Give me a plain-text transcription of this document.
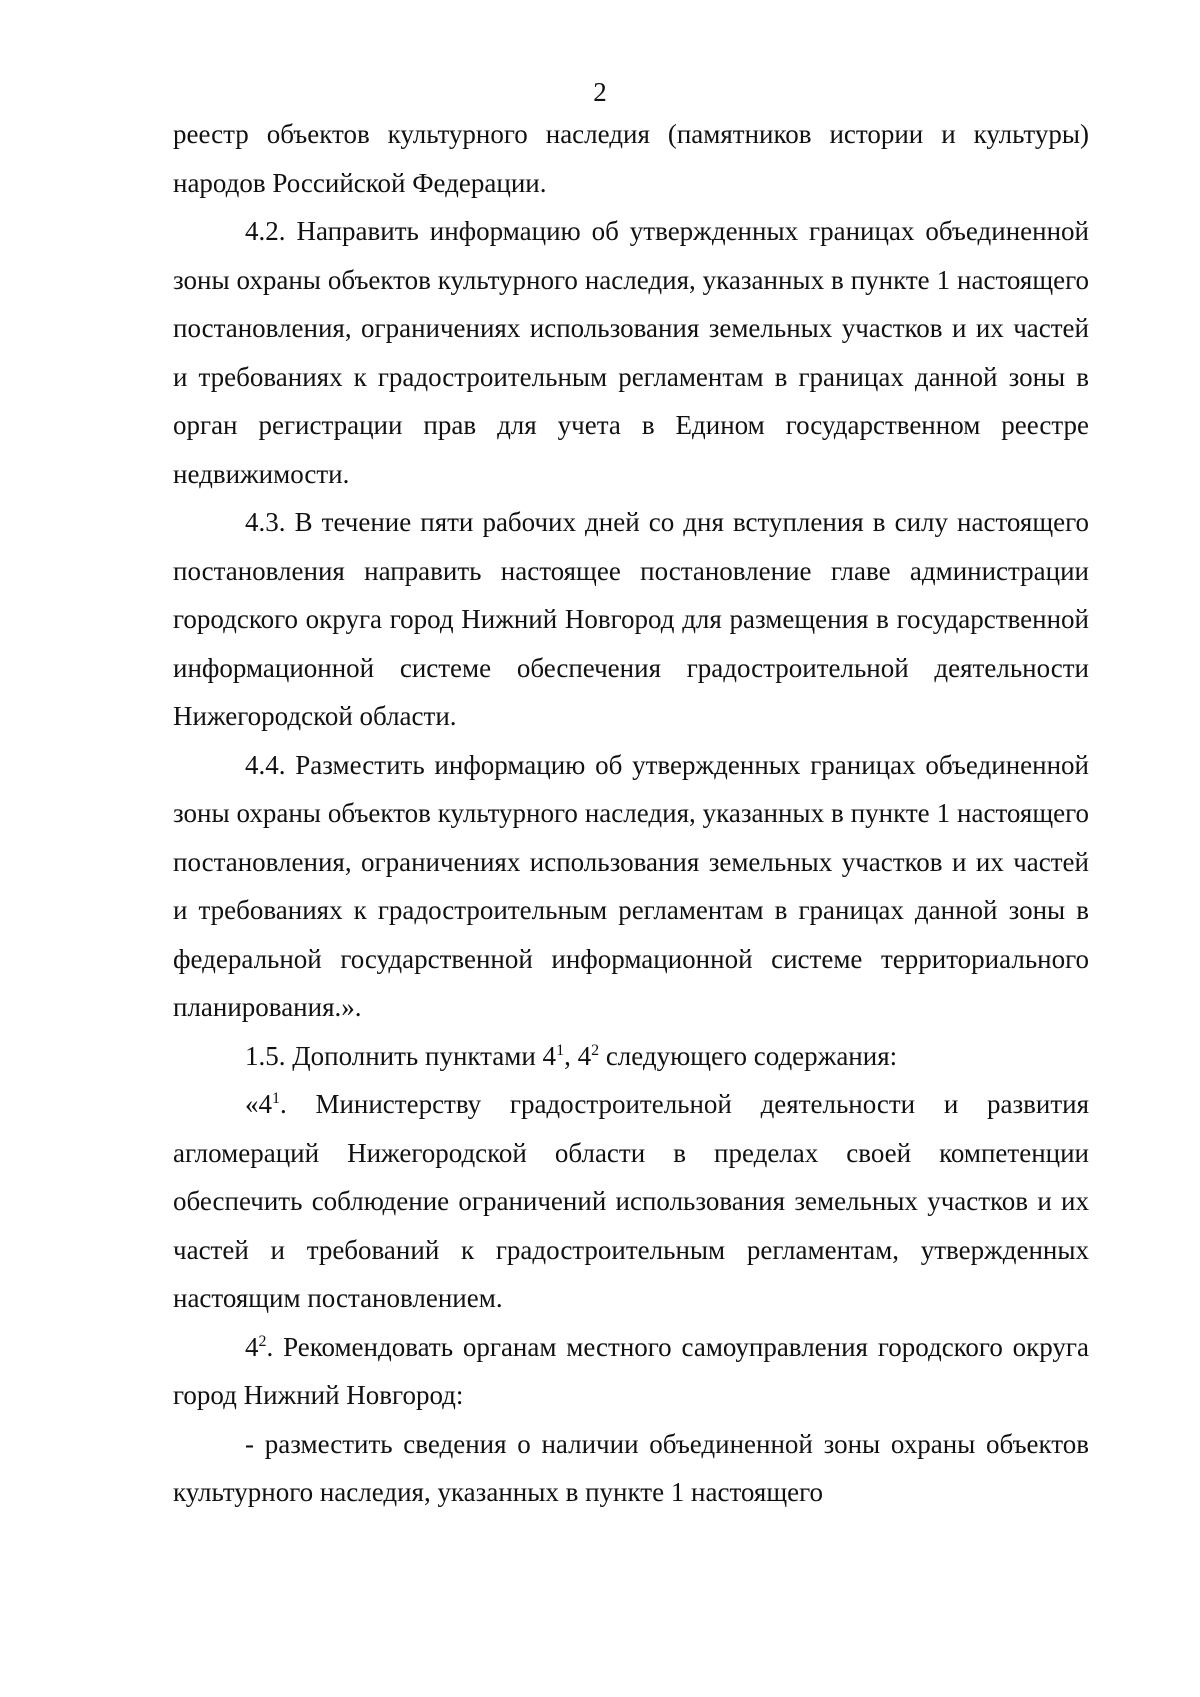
2

реестр объектов культурного наследия (памятников истории и культуры) народов Российской Федерации.

4.2. Направить информацию об утвержденных границах объединенной зоны охраны объектов культурного наследия, указанных в пункте 1 настоящего постановления, ограничениях использования земельных участков и их частей и требованиях к градостроительным регламентам в границах данной зоны в орган регистрации прав для учета в Едином государственном реестре недвижимости.

4.3. В течение пяти рабочих дней со дня вступления в силу настоящего постановления направить настоящее постановление главе администрации городского округа город Нижний Новгород для размещения в государственной информационной системе обеспечения градостроительной деятельности Нижегородской области.

4.4. Разместить информацию об утвержденных границах объединенной зоны охраны объектов культурного наследия, указанных в пункте 1 настоящего постановления, ограничениях использования земельных участков и их частей и требованиях к градостроительным регламентам в границах данной зоны в федеральной государственной информационной системе территориального планирования.».

1.5. Дополнить пунктами $4^1$, $4^2$ следующего содержания:

«$4^1$. Министерству градостроительной деятельности и развития агломераций Нижегородской области в пределах своей компетенции обеспечить соблюдение ограничений использования земельных участков и их частей и требований к градостроительным регламентам, утвержденных настоящим постановлением.

$4^2$. Рекомендовать органам местного самоуправления городского округа город Нижний Новгород:

- разместить сведения о наличии объединенной зоны охраны объектов культурного наследия, указанных в пункте 1 настоящего
